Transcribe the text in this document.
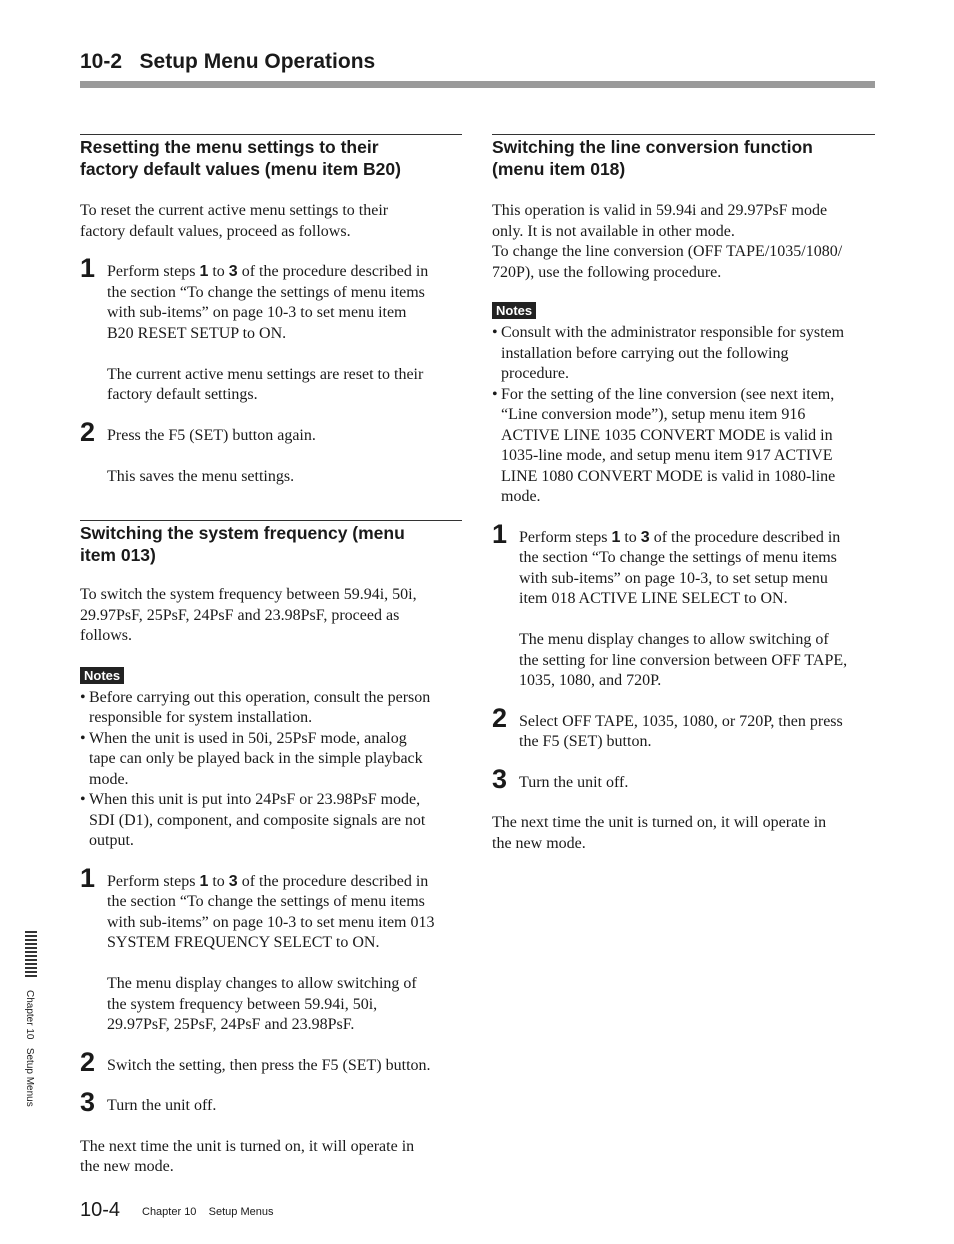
10-2   Setup Menu Operations
Resetting the menu settings to their
factory default values (menu item B20)

To reset the current active menu settings to their
factory default values, proceed as follows.

1 Perform steps 1 to 3 of the procedure described in
the section “To change the settings of menu items
with sub-items” on page 10-3 to set menu item
B20 RESET SETUP to ON.
The current active menu settings are reset to their
factory default settings.
2 Press the F5 (SET) button again.
This saves the menu settings.
Switching the system frequency (menu
item 013)

To switch the system frequency between 59.94i, 50i,
29.97PsF, 25PsF, 24PsF and 23.98PsF, proceed as
follows.

Notes
• Before carrying out this operation, consult the person
responsible for system installation.
• When the unit is used in 50i, 25PsF mode, analog
tape can only be played back in the simple playback
mode.
• When this unit is put into 24PsF or 23.98PsF mode,
SDI (D1), component, and composite signals are not
output.
1 Perform steps 1 to 3 of the procedure described in
the section “To change the settings of menu items
with sub-items” on page 10-3 to set menu item 013
SYSTEM FREQUENCY SELECT to ON.
The menu display changes to allow switching of
the system frequency between 59.94i, 50i,
29.97PsF, 25PsF, 24PsF and 23.98PsF.
2 Switch the setting, then press the F5 (SET) button.
3 Turn the unit off.

The next time the unit is turned on, it will operate in
the new mode.

Switching the line conversion function
(menu item 018)

This operation is valid in 59.94i and 29.97PsF mode
only. It is not available in other mode.
To change the line conversion (OFF TAPE/1035/1080/
720P), use the following procedure.

Notes
• Consult with the administrator responsible for system
installation before carrying out the following
procedure.
• For the setting of the line conversion (see next item,
“Line conversion mode”), setup menu item 916
ACTIVE LINE 1035 CONVERT MODE is valid in
1035-line mode, and setup menu item 917 ACTIVE
LINE 1080 CONVERT MODE is valid in 1080-line
mode.
1 Perform steps 1 to 3 of the procedure described in
the section “To change the settings of menu items
with sub-items” on page 10-3, to set setup menu
item 018 ACTIVE LINE SELECT to ON.
The menu display changes to allow switching of
the setting for line conversion between OFF TAPE,
1035, 1080, and 720P.
2 Select OFF TAPE, 1035, 1080, or 720P, then press
the F5 (SET) button.
3 Turn the unit off.

The next time the unit is turned on, it will operate in
the new mode.

Chapter 10   Setup Menus
10-4 Chapter 10    Setup Menus
